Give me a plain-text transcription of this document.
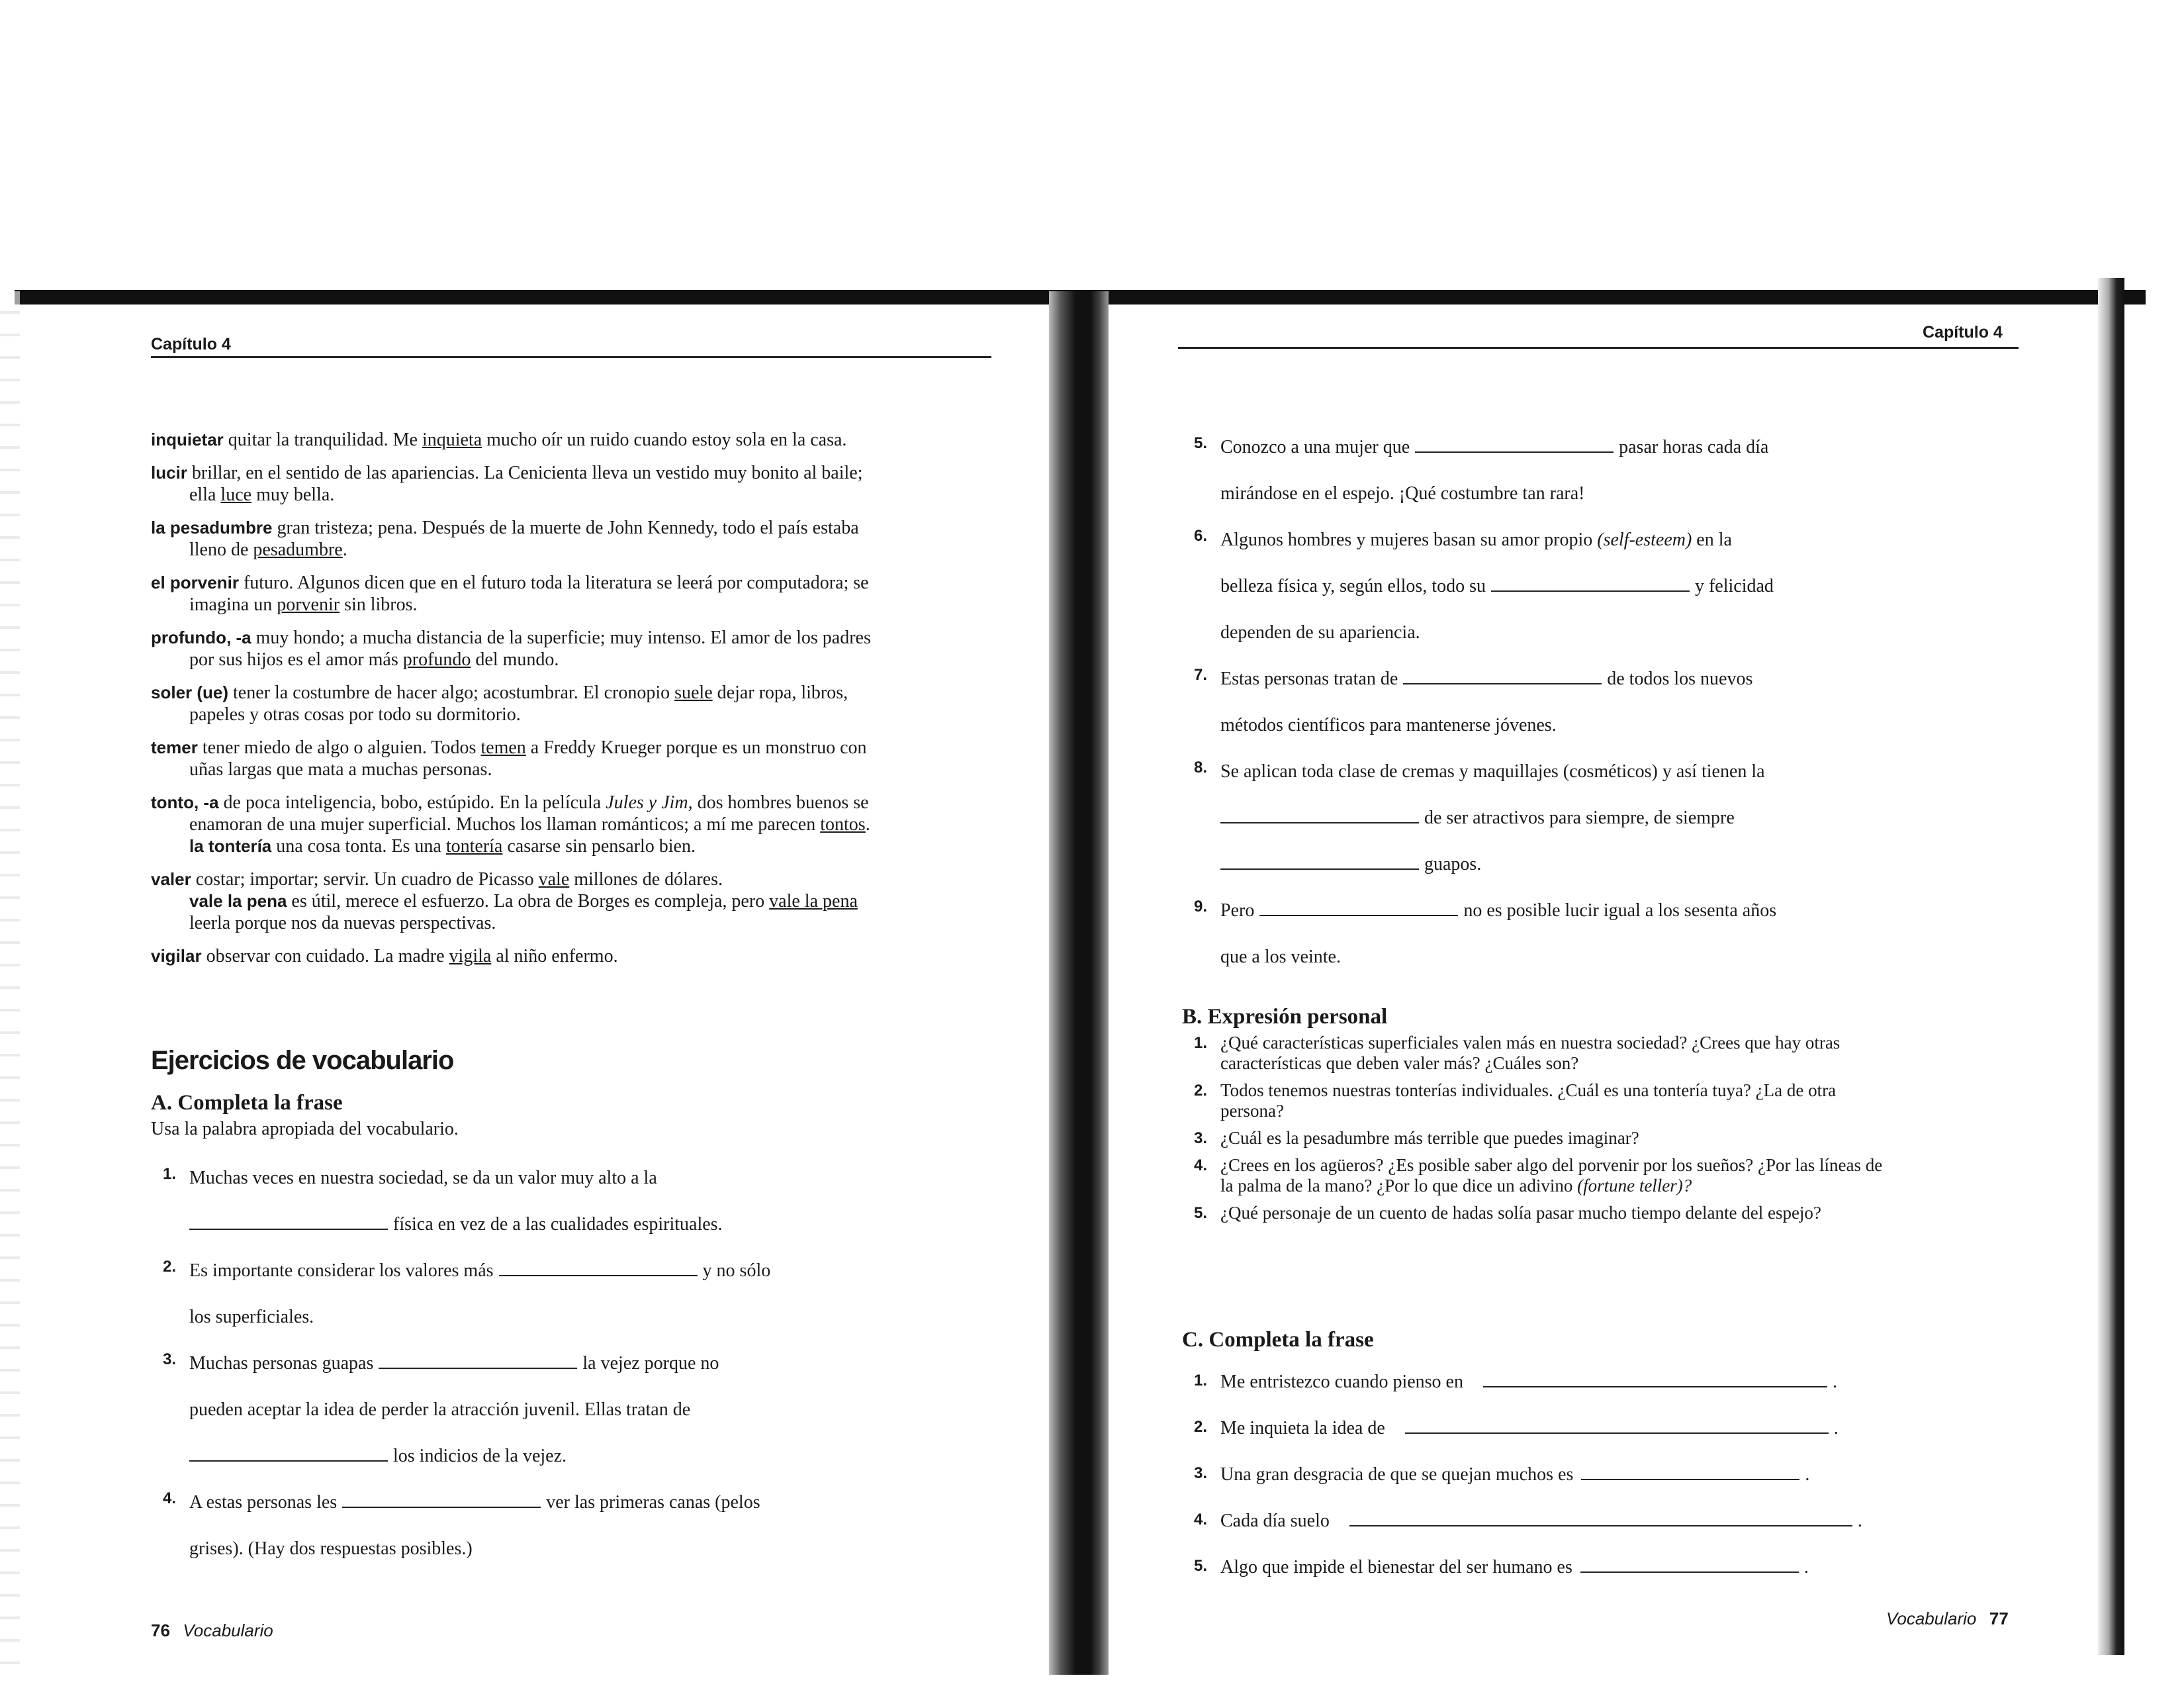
Capítulo 4
inquietar quitar la tranquilidad. Me inquieta mucho oír un ruido cuando estoy sola en la casa.
lucir brillar, en el sentido de las apariencias. La Cenicienta lleva un vestido muy bonito al baile; ella luce muy bella.
la pesadumbre gran tristeza; pena. Después de la muerte de John Kennedy, todo el país estaba lleno de pesadumbre.
el porvenir futuro. Algunos dicen que en el futuro toda la literatura se leerá por computadora; se imagina un porvenir sin libros.
profundo, -a muy hondo; a mucha distancia de la superficie; muy intenso. El amor de los padres por sus hijos es el amor más profundo del mundo.
soler (ue) tener la costumbre de hacer algo; acostumbrar. El cronopio suele dejar ropa, libros, papeles y otras cosas por todo su dormitorio.
temer tener miedo de algo o alguien. Todos temen a Freddy Krueger porque es un monstruo con uñas largas que mata a muchas personas.
tonto, -a de poca inteligencia, bobo, estúpido. En la película Jules y Jim, dos hombres buenos se enamoran de una mujer superficial. Muchos los llaman románticos; a mí me parecen tontos.
la tontería una cosa tonta. Es una tontería casarse sin pensarlo bien.
valer costar; importar; servir. Un cuadro de Picasso vale millones de dólares.
vale la pena es útil, merece el esfuerzo. La obra de Borges es compleja, pero vale la pena leerla porque nos da nuevas perspectivas.
vigilar observar con cuidado. La madre vigila al niño enfermo.
Ejercicios de vocabulario
A. Completa la frase
Usa la palabra apropiada del vocabulario.
1. Muchas veces en nuestra sociedad, se da un valor muy alto a la
física en vez de a las cualidades espirituales.
2. Es importante considerar los valores más	y no sólo
los superficiales.
3. Muchas personas guapas	la vejez porque no
pueden aceptar la idea de perder la atracción juvenil. Ellas tratan de
los indicios de la vejez.
4. A estas personas les	ver las primeras canas (pelos
grises). (Hay dos respuestas posibles.)
76 Vocabulario
Capítulo 4
5. Conozco a una mujer que	pasar horas cada día
mirándose en el espejo. ¡Qué costumbre tan rara!
6. Algunos hombres y mujeres basan su amor propio (self-esteem) en la
belleza física y, según ellos, todo su	y felicidad
dependen de su apariencia.
7. Estas personas tratan de	de todos los nuevos
métodos científicos para mantenerse jóvenes.
8. Se aplican toda clase de cremas y maquillajes (cosméticos) y así tienen la
de ser atractivos para siempre, de siempre
guapos.
9. Pero	no es posible lucir igual a los sesenta años
que a los veinte.
B. Expresión personal
1. ¿Qué características superficiales valen más en nuestra sociedad? ¿Crees que hay otras características que deben valer más? ¿Cuáles son?
2. Todos tenemos nuestras tonterías individuales. ¿Cuál es una tontería tuya? ¿La de otra persona?
3. ¿Cuál es la pesadumbre más terrible que puedes imaginar?
4. ¿Crees en los agüeros? ¿Es posible saber algo del porvenir por los sueños? ¿Por las líneas de la palma de la mano? ¿Por lo que dice un adivino (fortune teller)?
5. ¿Qué personaje de un cuento de hadas solía pasar mucho tiempo delante del espejo?
C. Completa la frase
1. Me entristezco cuando pienso en	.
2. Me inquieta la idea de	.
3. Una gran desgracia de que se quejan muchos es	.
4. Cada día suelo	.
5. Algo que impide el bienestar del ser humano es	.
Vocabulario 77
